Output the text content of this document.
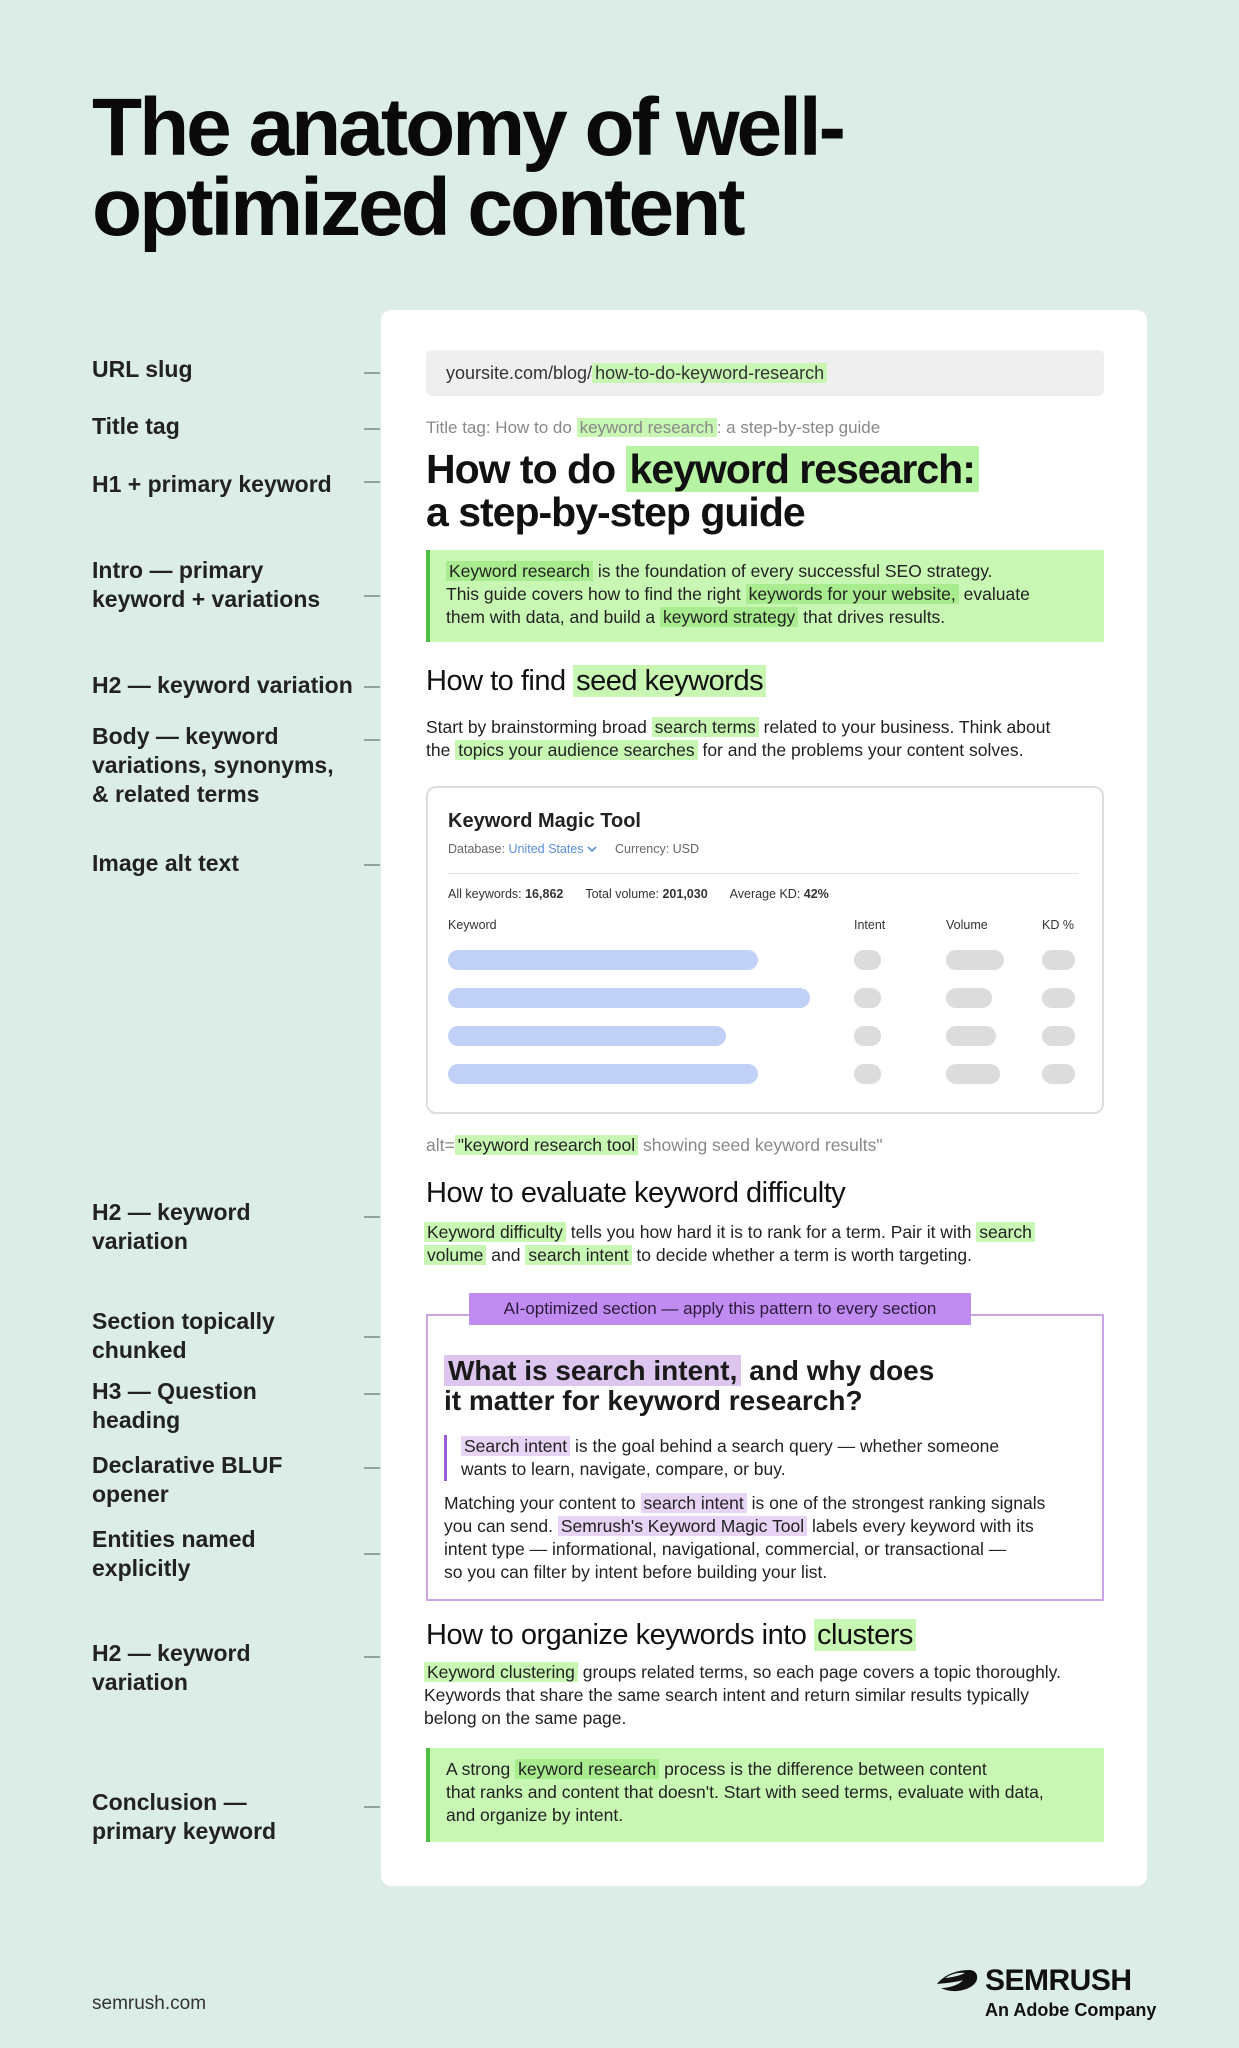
The anatomy of well-
optimized content
URL slug
Title tag
H1 + primary keyword
Intro — primary
keyword + variations
H2 — keyword variation
Body — keyword
variations, synonyms,
& related terms
Image alt text
H2 — keyword
variation
Section topically
chunked
H3 — Question
heading
Declarative BLUF
opener
Entities named
explicitly
H2 — keyword
variation
Conclusion —
primary keyword
yoursite.com/blog/ how-to-do-keyword-research
Title tag: How to do keyword research : a step-by-step guide
How to do keyword research:
a step-by-step guide
Keyword research is the foundation of every successful SEO strategy.
This guide covers how to find the right keywords for your website, evaluate
them with data, and build a keyword strategy that drives results.
How to find seed keywords

Start by brainstorming broad search terms related to your business. Think about
the topics your audience searches for and the problems your content solves.

Keyword Magic Tool
Database: United States	Currency: USD
All keywords: 16,862 Total volume: 201,030 Average KD: 42%
Keyword	Intent	Volume	KD %
alt= "keyword research tool showing seed keyword results"
How to evaluate keyword difficulty

Keyword difficulty tells you how hard it is to rank for a term. Pair it with search
volume and search intent to decide whether a term is worth targeting.

AI-optimized section — apply this pattern to every section
What is search intent, and why does
it matter for keyword research?

Search intent is the goal behind a search query — whether someone
wants to learn, navigate, compare, or buy.

Matching your content to search intent is one of the strongest ranking signals
you can send. Semrush's Keyword Magic Tool labels every keyword with its
intent type — informational, navigational, commercial, or transactional —
so you can filter by intent before building your list.

How to organize keywords into clusters

Keyword clustering groups related terms, so each page covers a topic thoroughly.
Keywords that share the same search intent and return similar results typically
belong on the same page.

A strong keyword research process is the difference between content
that ranks and content that doesn't. Start with seed terms, evaluate with data,
and organize by intent.
semrush.com
SEMRUSH
An Adobe Company
